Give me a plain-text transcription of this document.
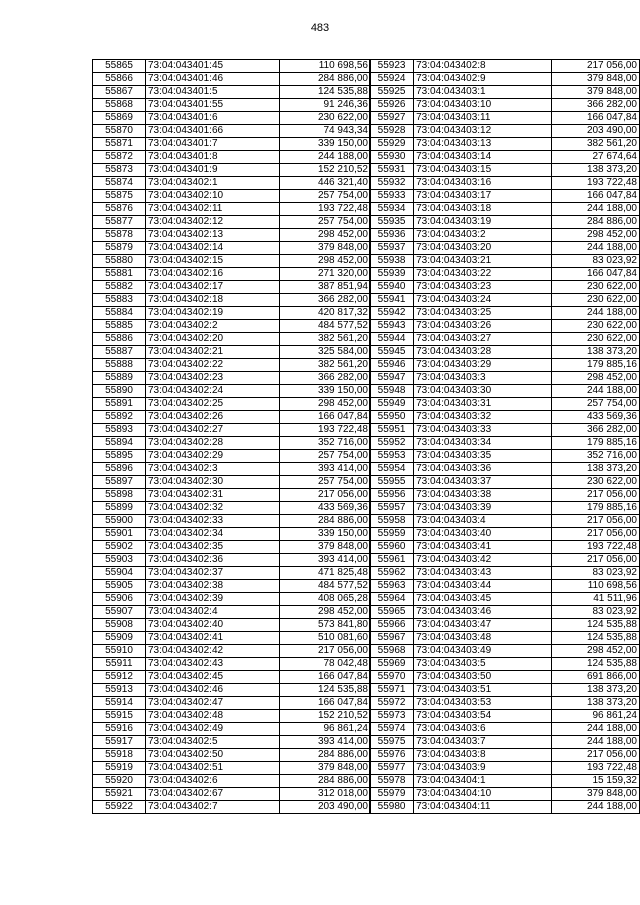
483
55865	73:04:043401:45	110 698,56
55866	73:04:043401:46	284 886,00
55867	73:04:043401:5	124 535,88
55868	73:04:043401:55	91 246,36
55869	73:04:043401:6	230 622,00
55870	73:04:043401:66	74 943,34
55871	73:04:043401:7	339 150,00
55872	73:04:043401:8	244 188,00
55873	73:04:043401:9	152 210,52
55874	73:04:043402:1	446 321,40
55875	73:04:043402:10	257 754,00
55876	73:04:043402:11	193 722,48
55877	73:04:043402:12	257 754,00
55878	73:04:043402:13	298 452,00
55879	73:04:043402:14	379 848,00
55880	73:04:043402:15	298 452,00
55881	73:04:043402:16	271 320,00
55882	73:04:043402:17	387 851,94
55883	73:04:043402:18	366 282,00
55884	73:04:043402:19	420 817,32
55885	73:04:043402:2	484 577,52
55886	73:04:043402:20	382 561,20
55887	73:04:043402:21	325 584,00
55888	73:04:043402:22	382 561,20
55889	73:04:043402:23	366 282,00
55890	73:04:043402:24	339 150,00
55891	73:04:043402:25	298 452,00
55892	73:04:043402:26	166 047,84
55893	73:04:043402:27	193 722,48
55894	73:04:043402:28	352 716,00
55895	73:04:043402:29	257 754,00
55896	73:04:043402:3	393 414,00
55897	73:04:043402:30	257 754,00
55898	73:04:043402:31	217 056,00
55899	73:04:043402:32	433 569,36
55900	73:04:043402:33	284 886,00
55901	73:04:043402:34	339 150,00
55902	73:04:043402:35	379 848,00
55903	73:04:043402:36	393 414,00
55904	73:04:043402:37	471 825,48
55905	73:04:043402:38	484 577,52
55906	73:04:043402:39	408 065,28
55907	73:04:043402:4	298 452,00
55908	73:04:043402:40	573 841,80
55909	73:04:043402:41	510 081,60
55910	73:04:043402:42	217 056,00
55911	73:04:043402:43	78 042,48
55912	73:04:043402:45	166 047,84
55913	73:04:043402:46	124 535,88
55914	73:04:043402:47	166 047,84
55915	73:04:043402:48	152 210,52
55916	73:04:043402:49	96 861,24
55917	73:04:043402:5	393 414,00
55918	73:04:043402:50	284 886,00
55919	73:04:043402:51	379 848,00
55920	73:04:043402:6	284 886,00
55921	73:04:043402:67	312 018,00
55922	73:04:043402:7	203 490,00
55923	73:04:043402:8	217 056,00
55924	73:04:043402:9	379 848,00
55925	73:04:043403:1	379 848,00
55926	73:04:043403:10	366 282,00
55927	73:04:043403:11	166 047,84
55928	73:04:043403:12	203 490,00
55929	73:04:043403:13	382 561,20
55930	73:04:043403:14	27 674,64
55931	73:04:043403:15	138 373,20
55932	73:04:043403:16	193 722,48
55933	73:04:043403:17	166 047,84
55934	73:04:043403:18	244 188,00
55935	73:04:043403:19	284 886,00
55936	73:04:043403:2	298 452,00
55937	73:04:043403:20	244 188,00
55938	73:04:043403:21	83 023,92
55939	73:04:043403:22	166 047,84
55940	73:04:043403:23	230 622,00
55941	73:04:043403:24	230 622,00
55942	73:04:043403:25	244 188,00
55943	73:04:043403:26	230 622,00
55944	73:04:043403:27	230 622,00
55945	73:04:043403:28	138 373,20
55946	73:04:043403:29	179 885,16
55947	73:04:043403:3	298 452,00
55948	73:04:043403:30	244 188,00
55949	73:04:043403:31	257 754,00
55950	73:04:043403:32	433 569,36
55951	73:04:043403:33	366 282,00
55952	73:04:043403:34	179 885,16
55953	73:04:043403:35	352 716,00
55954	73:04:043403:36	138 373,20
55955	73:04:043403:37	230 622,00
55956	73:04:043403:38	217 056,00
55957	73:04:043403:39	179 885,16
55958	73:04:043403:4	217 056,00
55959	73:04:043403:40	217 056,00
55960	73:04:043403:41	193 722,48
55961	73:04:043403:42	217 056,00
55962	73:04:043403:43	83 023,92
55963	73:04:043403:44	110 698,56
55964	73:04:043403:45	41 511,96
55965	73:04:043403:46	83 023,92
55966	73:04:043403:47	124 535,88
55967	73:04:043403:48	124 535,88
55968	73:04:043403:49	298 452,00
55969	73:04:043403:5	124 535,88
55970	73:04:043403:50	691 866,00
55971	73:04:043403:51	138 373,20
55972	73:04:043403:53	138 373,20
55973	73:04:043403:54	96 861,24
55974	73:04:043403:6	244 188,00
55975	73:04:043403:7	244 188,00
55976	73:04:043403:8	217 056,00
55977	73:04:043403:9	193 722,48
55978	73:04:043404:1	15 159,32
55979	73:04:043404:10	379 848,00
55980	73:04:043404:11	244 188,00
